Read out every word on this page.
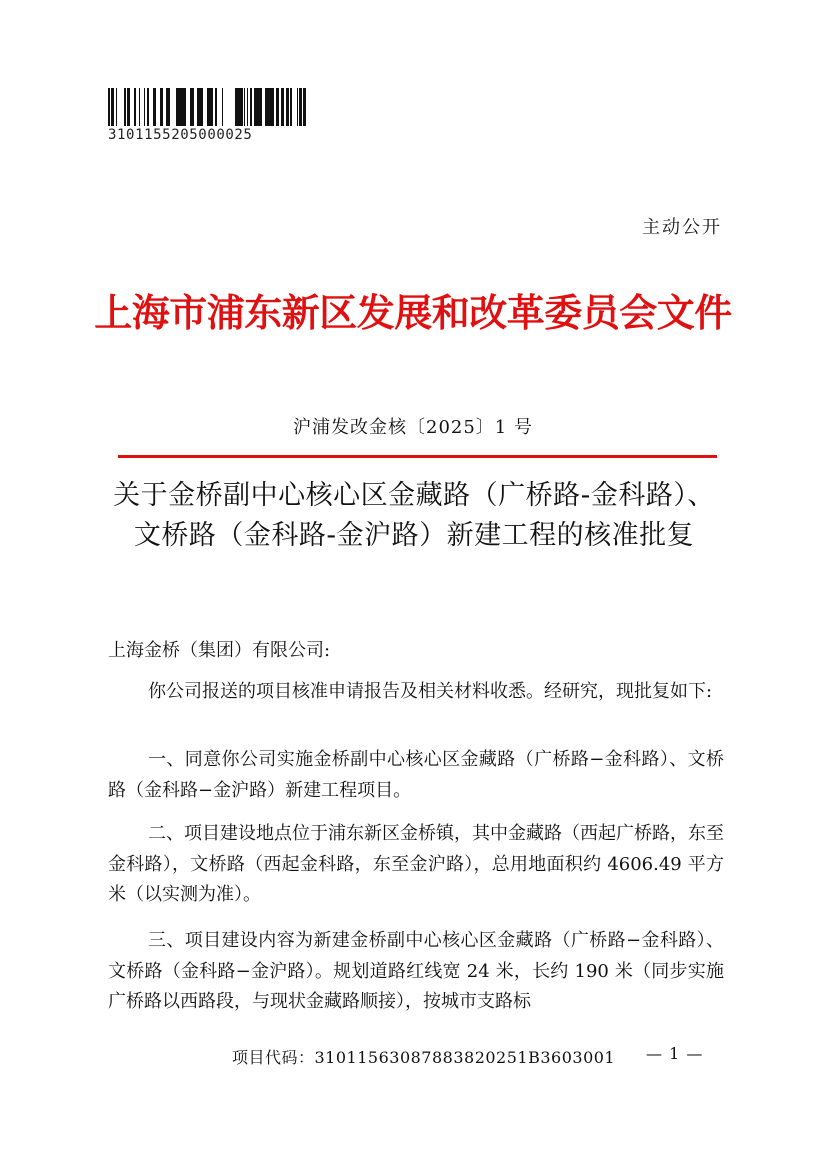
3101155205000025
主动公开
上海市浦东新区发展和改革委员会文件
沪浦发改金核〔2025〕1 号
关于金桥副中心核心区金藏路（广桥路-金科路）、文桥路（金科路-金沪路）新建工程的核准批复
上海金桥（集团）有限公司:
你公司报送的项目核准申请报告及相关材料收悉。经研究，现批复如下:
一、同意你公司实施金桥副中心核心区金藏路（广桥路−金科路）、文桥路（金科路−金沪路）新建工程项目。
二、项目建设地点位于浦东新区金桥镇，其中金藏路（西起广桥路，东至金科路），文桥路（西起金科路，东至金沪路），总用地面积约 4606.49 平方米（以实测为准）。
三、项目建设内容为新建金桥副中心核心区金藏路（广桥路−金科路）、文桥路（金科路−金沪路）。规划道路红线宽 24 米，长约 190 米（同步实施广桥路以西路段，与现状金藏路顺接），按城市支路标
项目代码：310115630878838202​51B3603001 — 1 —
